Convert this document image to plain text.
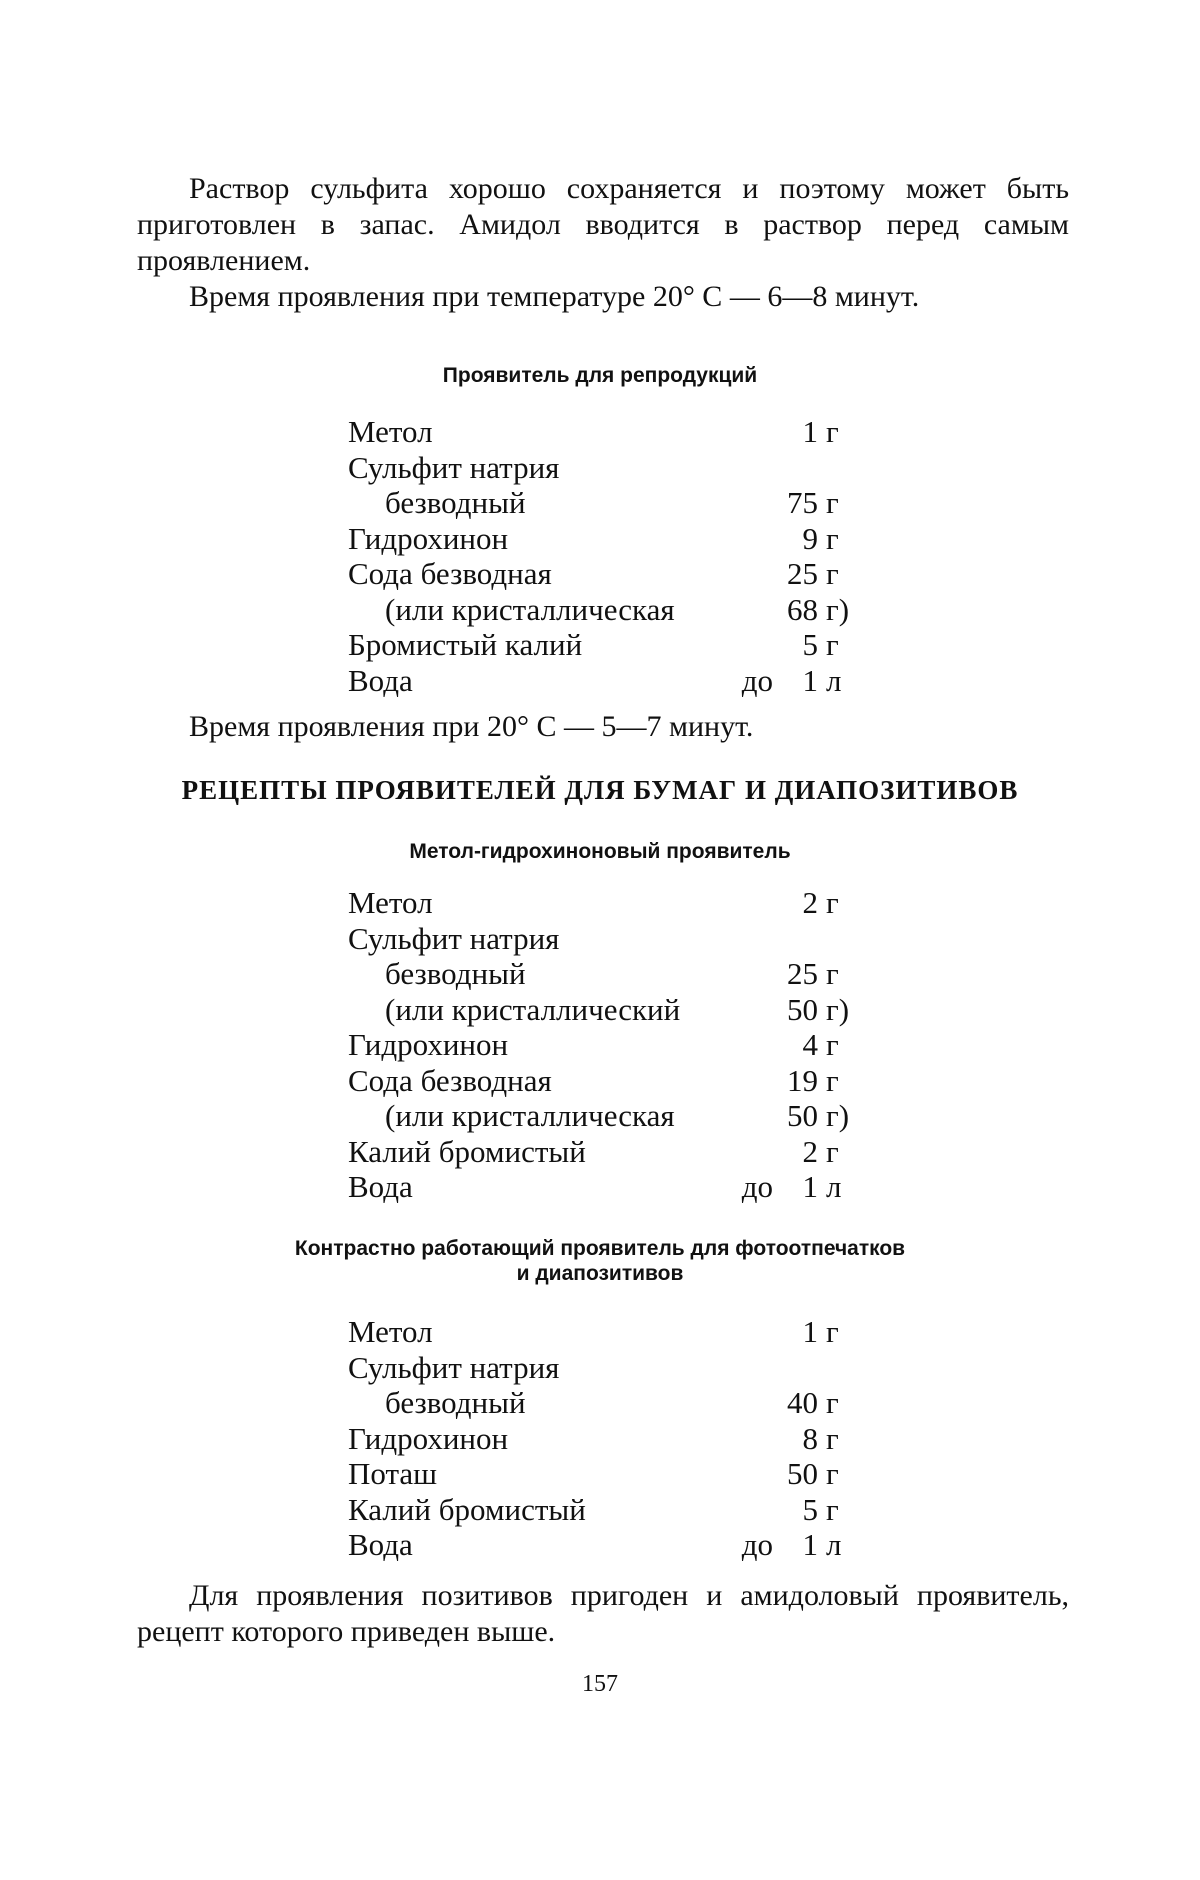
Раствор сульфита хорошо сохраняется и поэтому может быть приготовлен в запас. Амидол вводится в раствор перед самым проявлением.

Время проявления при температуре 20° С — 6—8 минут.

Проявитель для репродукций

Метол	1 г
Сульфит натрия
безводный	75 г
Гидрохинон	9 г
Сода безводная	25 г
(или кристаллическая	68 г)
Бромистый калий	5 г
Вода	до 1 л

Время проявления при 20° С — 5—7 минут.

РЕЦЕПТЫ ПРОЯВИТЕЛЕЙ ДЛЯ БУМАГ И ДИАПОЗИТИВОВ

Метол-гидрохиноновый проявитель

Метол	2 г
Сульфит натрия
безводный	25 г
(или кристаллический	50 г)
Гидрохинон	4 г
Сода безводная	19 г
(или кристаллическая	50 г)
Калий бромистый	2 г
Вода	до 1 л

Контрастно работающий проявитель для фотоотпечатков

и диапозитивов

Метол	1 г
Сульфит натрия
безводный	40 г
Гидрохинон	8 г
Поташ	50 г
Калий бромистый	5 г
Вода	до 1 л

Для проявления позитивов пригоден и амидоловый проявитель, рецепт которого приведен выше.

157
